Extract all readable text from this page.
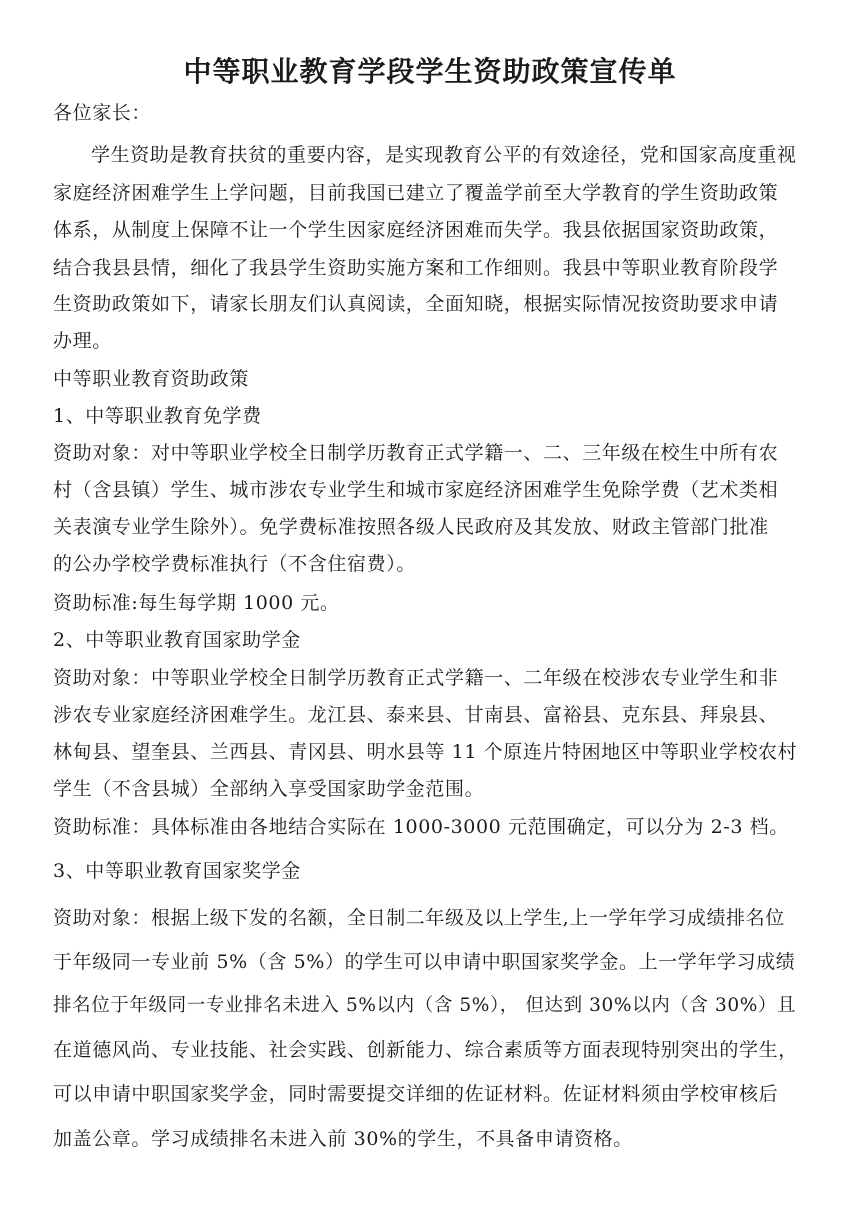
中等职业教育学段学生资助政策宣传单
各位家长：
学生资助是教育扶贫的重要内容，是实现教育公平的有效途径，党和国家高度重视
家庭经济困难学生上学问题，目前我国已建立了覆盖学前至大学教育的学生资助政策
体系，从制度上保障不让一个学生因家庭经济困难而失学。我县依据国家资助政策，
结合我县县情，细化了我县学生资助实施方案和工作细则。我县中等职业教育阶段学
生资助政策如下，请家长朋友们认真阅读，全面知晓，根据实际情况按资助要求申请
办理。
中等职业教育资助政策
1、中等职业教育免学费
资助对象：对中等职业学校全日制学历教育正式学籍一、二、三年级在校生中所有农
村（含县镇）学生、城市涉农专业学生和城市家庭经济困难学生免除学费（艺术类相
关表演专业学生除外）。免学费标准按照各级人民政府及其发放、财政主管部门批准
的公办学校学费标准执行（不含住宿费）。
资助标准:每生每学期 1000 元。
2、中等职业教育国家助学金
资助对象：中等职业学校全日制学历教育正式学籍一、二年级在校涉农专业学生和非
涉农专业家庭经济困难学生。龙江县、泰来县、甘南县、富裕县、克东县、拜泉县、
林甸县、望奎县、兰西县、青冈县、明水县等 11 个原连片特困地区中等职业学校农村
学生（不含县城）全部纳入享受国家助学金范围。
资助标准：具体标准由各地结合实际在 1000-3000 元范围确定，可以分为 2-3 档。
3、中等职业教育国家奖学金
资助对象：根据上级下发的名额，全日制二年级及以上学生,上一学年学习成绩排名位
于年级同一专业前 5%（含 5%）的学生可以申请中职国家奖学金。上一学年学习成绩
排名位于年级同一专业排名未进入 5%以内（含 5%）， 但达到 30%以内（含 30%）且
在道德风尚、专业技能、社会实践、创新能力、综合素质等方面表现特别突出的学生，
可以申请中职国家奖学金，同时需要提交详细的佐证材料。佐证材料须由学校审核后
加盖公章。学习成绩排名未进入前 30%的学生，不具备申请资格。
